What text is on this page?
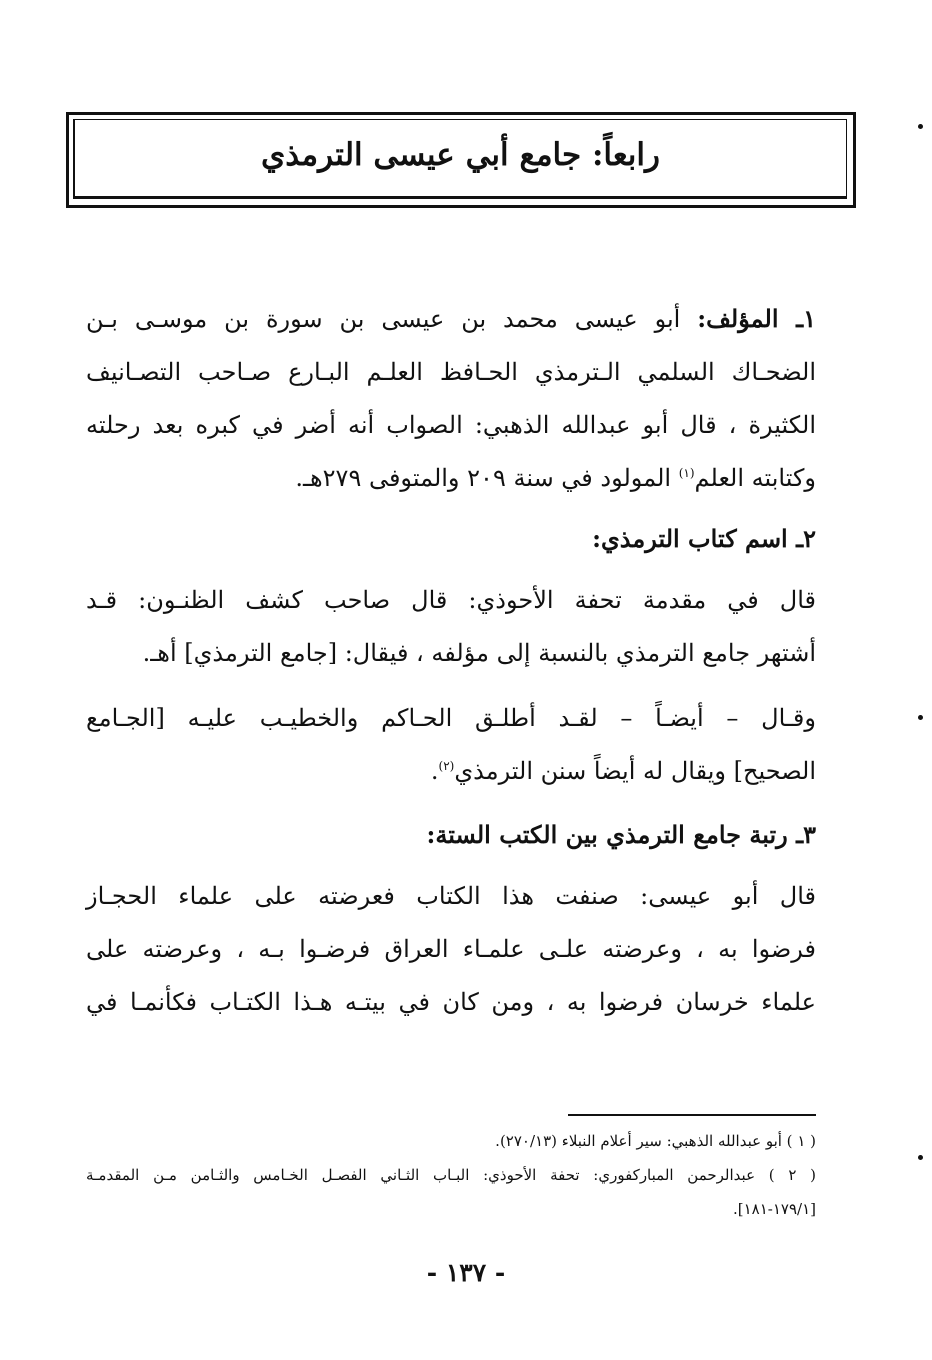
رابعاً: جامع أبي عيسى الترمذي
١ـ المؤلف: أبو عيسى محمد بن عيسى بن سورة بن موسـى بـن
الضحـاك السلمي الـترمذي الحـافظ العلـم البـارع صـاحب التصـانيف
الكثيرة ، قال أبو عبدالله الذهبي: الصواب أنه أضر في كبره بعد رحلته
وكتابته العلم$^{(١)}$ المولود في سنة ٢٠٩ والمتوفى ٢٧٩هـ.
٢ـ اسم كتاب الترمذي:
قال في مقدمة تحفة الأحوذي: قال صاحب كشف الظنـون: قـد
أشتهر جامع الترمذي بالنسبة إلى مؤلفه ، فيقال: [جامع الترمذي] أهـ.
وقـال – أيضـاً – لقـد أطلـق الحـاكم والخطيـب عليـه [الجـامع
الصحيح] ويقال له أيضاً سنن الترمذي$^{(٢)}$.
٣ـ رتبة جامع الترمذي بين الكتب الستة:
قال أبو عيسى: صنفت هذا الكتاب فعرضته على علماء الحجـاز
فرضوا به ، وعرضته علـى علمـاء العراق فرضـوا بـه ، وعرضته على
علماء خرسان فرضوا به ، ومن كان في بيتـه هـذا الكتـاب فكأنمـا في
( ١ ) أبو عبدالله الذهبي: سير أعلام النبلاء (٢٧٠/١٣).
( ٢ ) عبدالرحمن المباركفوري: تحفة الأحوذي: البـاب الثـاني الفصـل الخـامس والثـامن مـن المقدمـة
[١٧٩/١-١٨١].
- ١٣٧ -
